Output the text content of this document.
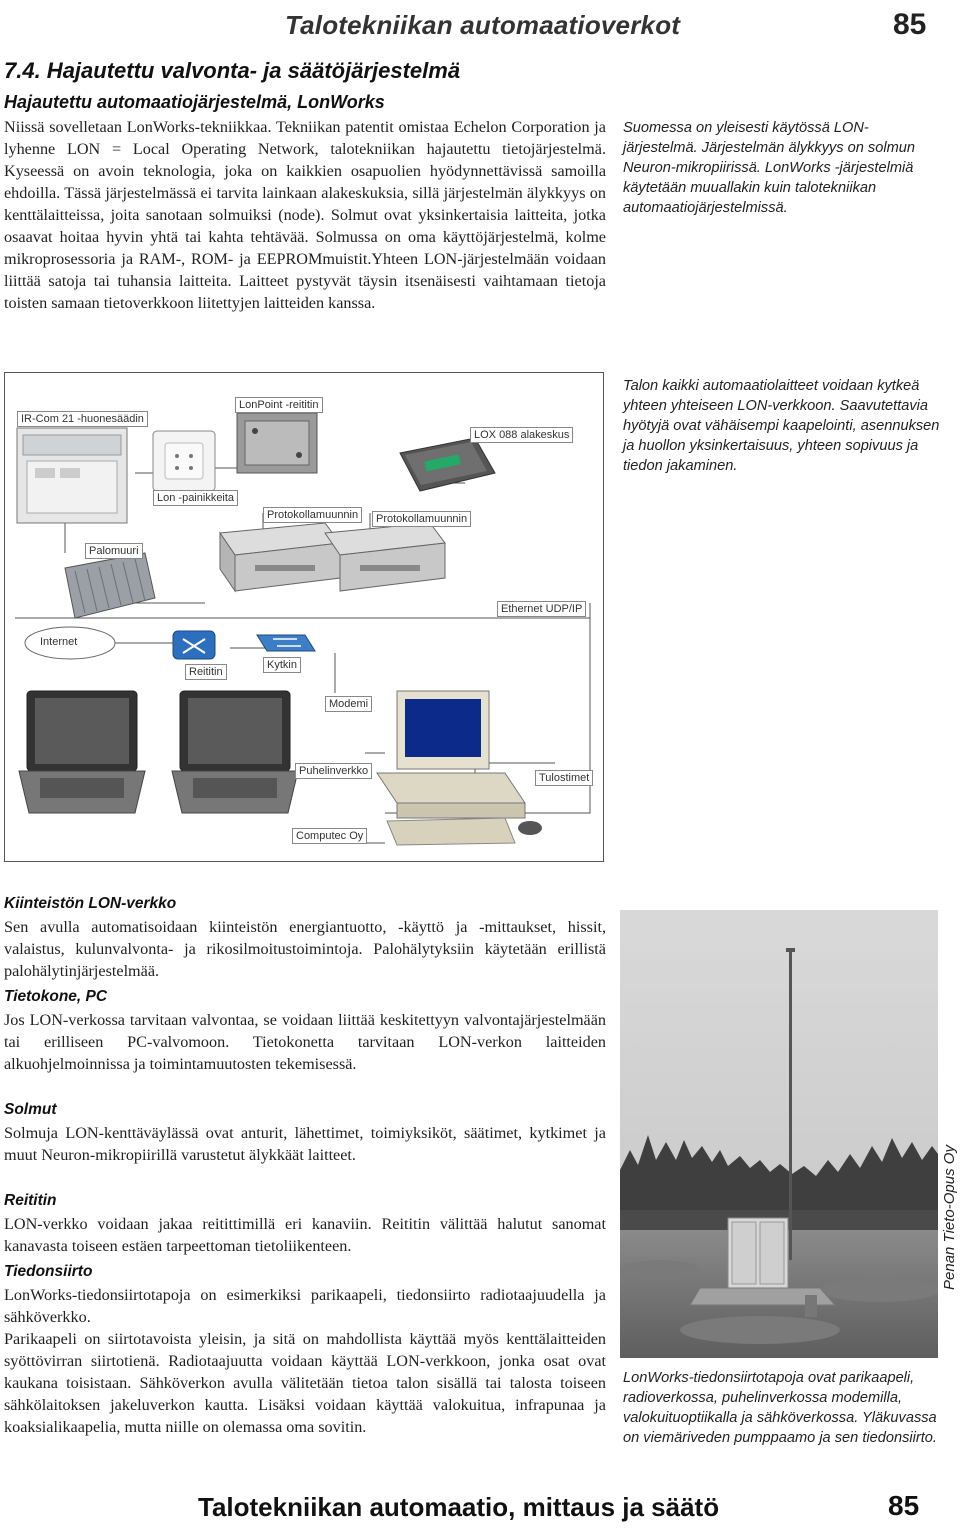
Talotekniikan automaatioverkot	85
7.4. Hajautettu valvonta- ja säätöjärjestelmä
Hajautettu automaatiojärjestelmä, LonWorks

Niissä sovelletaan LonWorks-tekniikkaa. Tekniikan patentit omistaa Echelon Corporation ja lyhenne LON = Local Operating Network, talotekniikan hajautettu tietojärjestelmä. Kyseessä on avoin teknologia, joka on kaikkien osapuolien hyödynnettävissä samoilla ehdoilla. Tässä järjestelmässä ei tarvita lainkaan alakeskuksia, sillä järjestelmän älykkyys on kenttälaitteissa, joita sanotaan solmuiksi (node). Solmut ovat yksinkertaisia laitteita, jotka osaavat hoitaa hyvin yhtä tai kahta tehtävää. Solmussa on oma käyttöjärjestelmä, kolme mikroprosessoria ja RAM-, ROM- ja EEPROMmuistit.Yhteen LON-järjestelmään voidaan liittää satoja tai tuhansia laitteita. Laitteet pystyvät täysin itsenäisesti vaihtamaan tietoja toisten samaan tietoverkkoon liitettyjen laitteiden kanssa.

Suomessa on yleisesti käytössä LON-järjestelmä. Järjestelmän älykkyys on solmun Neuron-mikropiirissä. LonWorks -järjestelmiä käytetään muuallakin kuin talotekniikan automaatiojärjestelmissä.

Talon kaikki automaatiolaitteet voidaan kytkeä yhteen yhteiseen LON-verkkoon. Saavutettavia hyötyjä ovat vähäisempi kaapelointi, asennuksen ja huollon yksinkertaisuus, yhteen sopivuus ja tiedon jakaminen.

IR-Com 21 -huonesäädin
LonPoint -reititin
LOX 088 alakeskus
Lon -painikkeita
Protokollamuunnin	Protokollamuunnin
Palomuuri
Ethernet UDP/IP
Internet
Reititin
Kytkin
Modemi
Puhelinverkko
Tulostimet
Computec Oy
Kiinteistön LON-verkko

Sen avulla automatisoidaan kiinteistön energiantuotto, -käyttö ja -mittaukset, hissit, valaistus, kulunvalvonta- ja rikosilmoitustoimintoja. Palohälytyksiin käytetään erillistä palohälytinjärjestelmää.

Tietokone, PC

Jos LON-verkossa tarvitaan valvontaa, se voidaan liittää keskitettyyn valvontajärjestelmään tai erilliseen PC-valvomoon. Tietokonetta tarvitaan LON-verkon laitteiden alkuohjelmoinnissa ja toimintamuutosten tekemisessä.

Solmut

Solmuja LON-kenttäväylässä ovat anturit, lähettimet, toimiyksiköt, säätimet, kytkimet ja muut Neuron-mikropiirillä varustetut älykkäät laitteet.

Reititin

LON-verkko voidaan jakaa reitittimillä eri kanaviin. Reititin välittää halutut sanomat kanavasta toiseen estäen tarpeettoman tietoliikenteen.

Tiedonsiirto

LonWorks-tiedonsiirtotapoja on esimerkiksi parikaapeli, tiedonsiirto radiotaajuudella ja sähköverkko.

Parikaapeli on siirtotavoista yleisin, ja sitä on mahdollista käyttää myös kenttälaitteiden syöttövirran siirtotienä. Radiotaajuutta voidaan käyttää LON-verkkoon, jonka osat ovat kaukana toisistaan. Sähköverkon avulla välitetään tietoa talon sisällä tai talosta toiseen sähkölaitoksen jakeluverkon kautta. Lisäksi voidaan käyttää valokuitua, infrapunaa ja koaksialikaapelia, mutta niille on olemassa oma sovitin.

Penan Tieto-Opus Oy

LonWorks-tiedonsiirtotapoja ovat parikaapeli, radioverkossa, puhelinverkossa modemilla, valokuituoptiikalla ja sähköverkossa. Yläkuvassa on viemäriveden pumppaamo ja sen tiedonsiirto.

Talotekniikan automaatio, mittaus ja säätö	85
